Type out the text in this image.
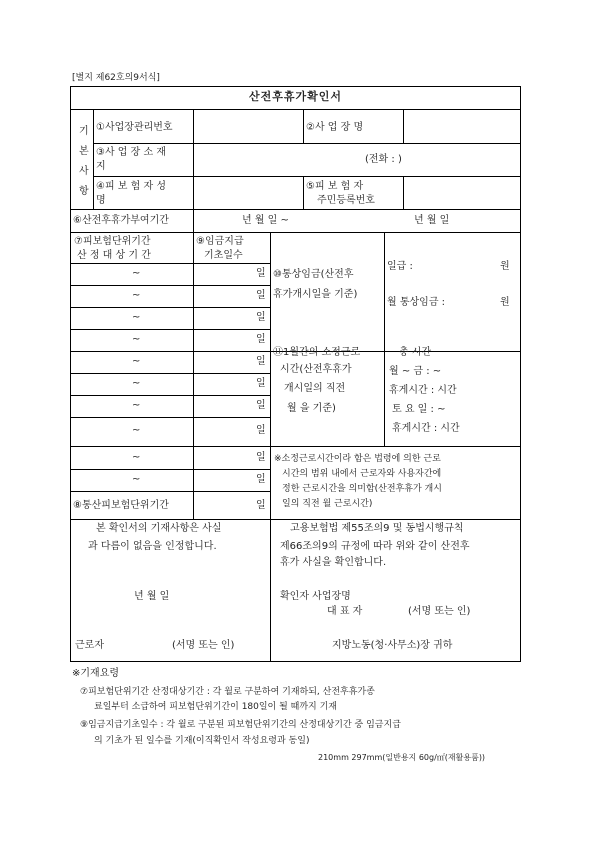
[별지 제62호의9서식]
산전후휴가확인서
기
본
사
항
①사업장관리번호	②사 업 장 명
③사 업 장 소 재
지
(전화 : )
④피 보 험 자 성
명
⑤피 보 험 자
주민등록번호
⑥산전후휴가부여기간	년 월 일 ~	년 월 일
⑦피보험단위기간
산 정 대 상 기 간
⑨임금지급
기초일수
~	일
~	일
~	일
~	일
~	일
~	일
~	일
~	일
~	일
~	일
⑧통산피보험단위기간	일
⑩통상임금(산전후
휴가개시일을 기준)
일급 :	원
월 통상임금 :	원
⑪1월간의 소정근로
시간(산전후휴가
개시일의 직전
월 을 기준)
총 시간
월 ~ 금 : ~
휴게시간 : 시간
토 요 일 : ~
휴게시간 : 시간
※소정근로시간이라 함은 법령에 의한 근로
시간의 범위 내에서 근로자와 사용자간에
정한 근로시간을 의미함(산전후휴가 개시
일의 직전 월 근로시간)
본 확인서의 기재사항은 사실
과 다름이 없음을 인정합니다.
년 월 일
근로자	(서명 또는 인)
고용보험법 제55조의9 및 동법시행규칙
제66조의9의 규정에 따라 위와 같이 산전후
휴가 사실을 확인합니다.
확인자 사업장명
대 표 자	(서명 또는 인)
지방노동(청·사무소)장 귀하
※기재요령
⑦피보험단위기간 산정대상기간 : 각 월로 구분하여 기재하되, 산전후휴가종
료일부터 소급하여 피보험단위기간이 180일이 될 때까지 기재
⑨임금지급기초일수 : 각 월로 구분된 피보험단위기간의 산정대상기간 중 임금지급
의 기초가 된 일수를 기재(이직확인서 작성요령과 동일)
210mm 297mm(일반용지 60g/㎡(재활용품))
